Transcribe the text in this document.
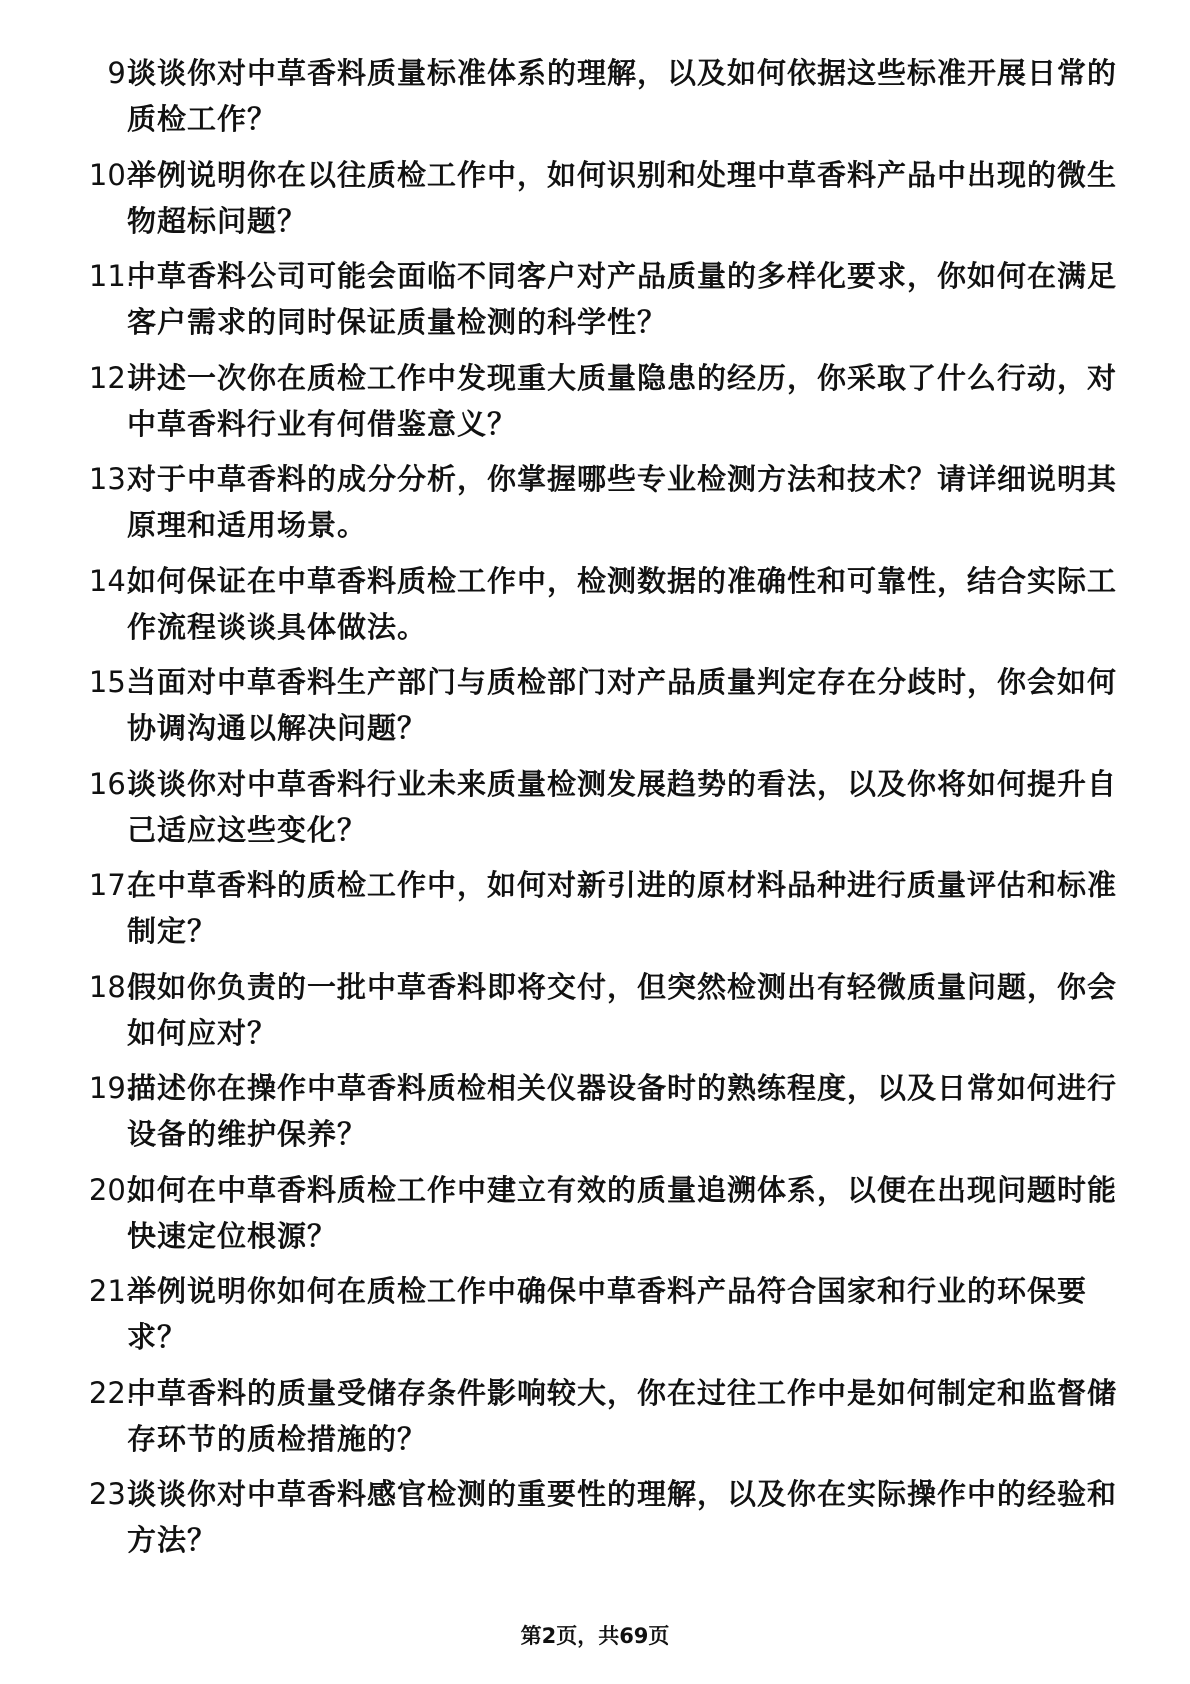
9.
谈谈你对中草香料质量标准体系的理解，以及如何依据这些标准开展日常的质检工作？
10.
举例说明你在以往质检工作中，如何识别和处理中草香料产品中出现的微生物超标问题？
11.
中草香料公司可能会面临不同客户对产品质量的多样化要求，你如何在满足客户需求的同时保证质量检测的科学性？
12.
讲述一次你在质检工作中发现重大质量隐患的经历，你采取了什么行动，对中草香料行业有何借鉴意义？
13.
对于中草香料的成分分析，你掌握哪些专业检测方法和技术？请详细说明其原理和适用场景。
14.
如何保证在中草香料质检工作中，检测数据的准确性和可靠性，结合实际工作流程谈谈具体做法。
15.
当面对中草香料生产部门与质检部门对产品质量判定存在分歧时，你会如何协调沟通以解决问题？
16.
谈谈你对中草香料行业未来质量检测发展趋势的看法，以及你将如何提升自己适应这些变化？
17.
在中草香料的质检工作中，如何对新引进的原材料品种进行质量评估和标准制定？
18.
假如你负责的一批中草香料即将交付，但突然检测出有轻微质量问题，你会如何应对？
19.
描述你在操作中草香料质检相关仪器设备时的熟练程度，以及日常如何进行设备的维护保养？
20.
如何在中草香料质检工作中建立有效的质量追溯体系，以便在出现问题时能快速定位根源？
21.
举例说明你如何在质检工作中确保中草香料产品符合国家和行业的环保要求？
22.
中草香料的质量受储存条件影响较大，你在过往工作中是如何制定和监督储存环节的质检措施的？
23.
谈谈你对中草香料感官检测的重要性的理解，以及你在实际操作中的经验和方法？
第2页，共69页
